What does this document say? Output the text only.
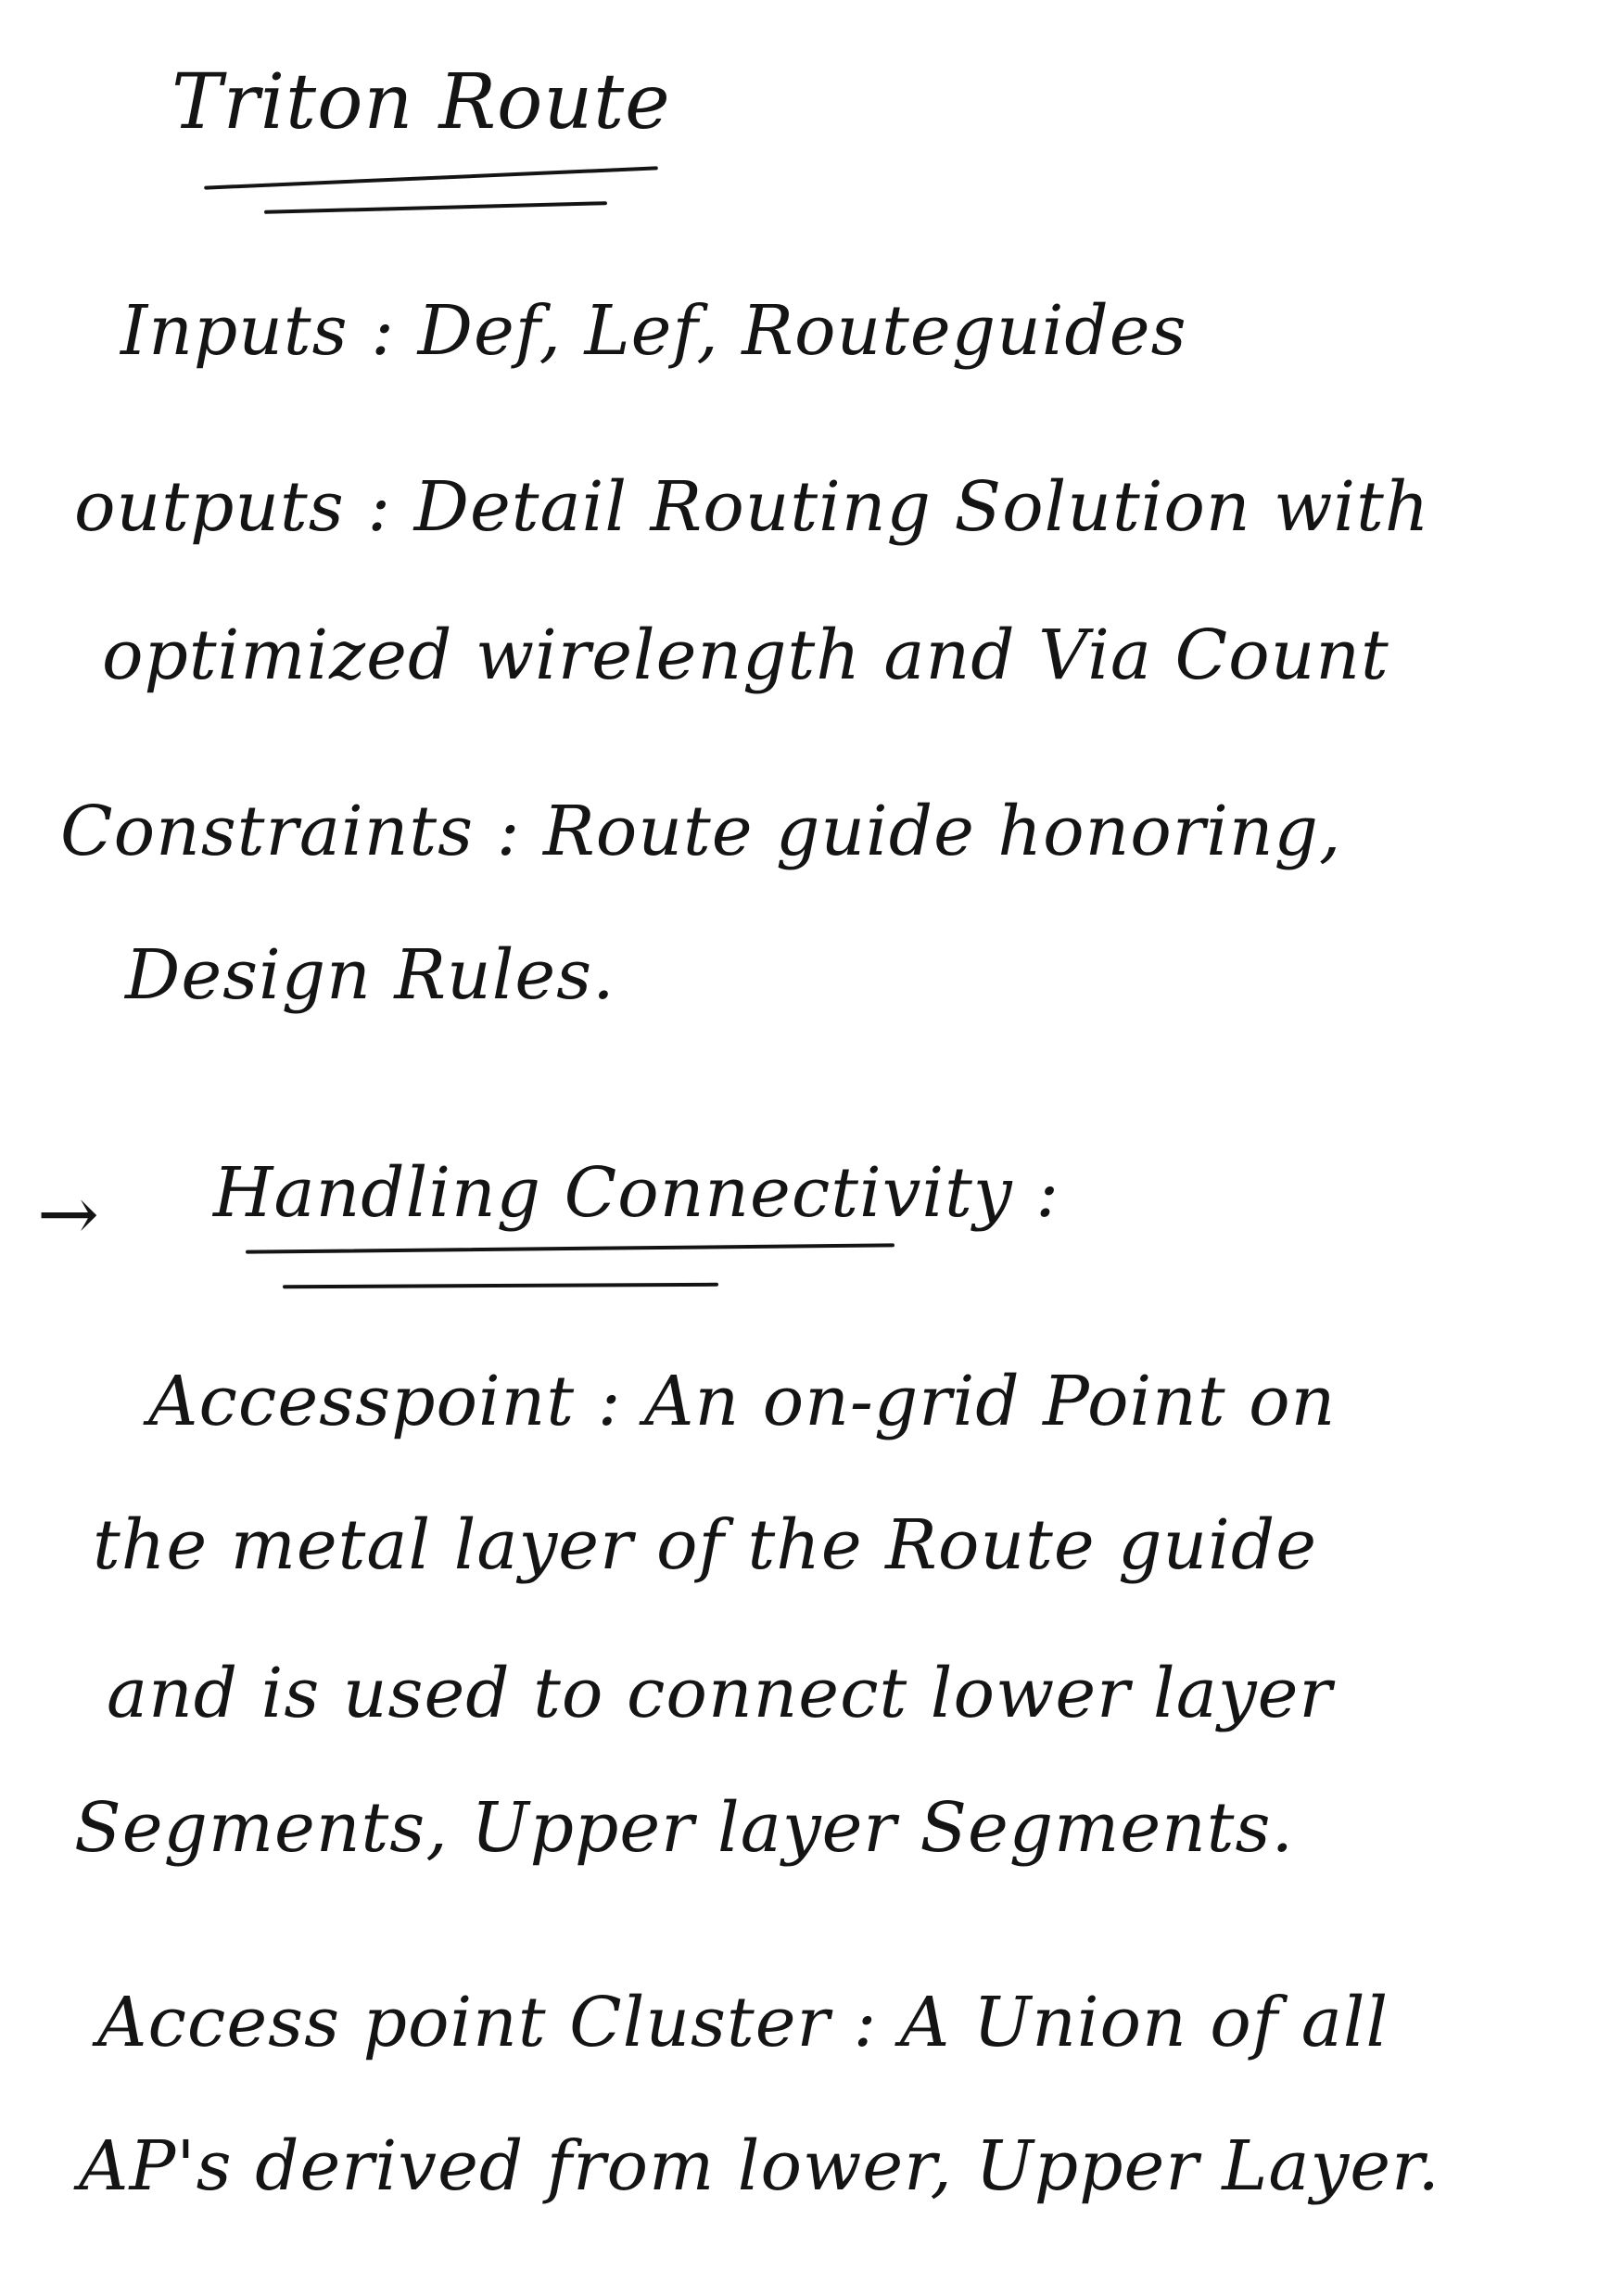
Triton Route
Inputs : Def, Lef, Routeguides
outputs : Detail Routing Solution with
optimized wirelength and Via Count
Constraints : Route guide honoring,
Design Rules.
→ Handling Connectivity :
Accesspoint : An on-grid Point on
the metal layer of the Route guide
and is used to connect lower layer
Segments, Upper layer Segments.
Access point Cluster : A Union of all
AP's derived from lower, Upper Layer.
